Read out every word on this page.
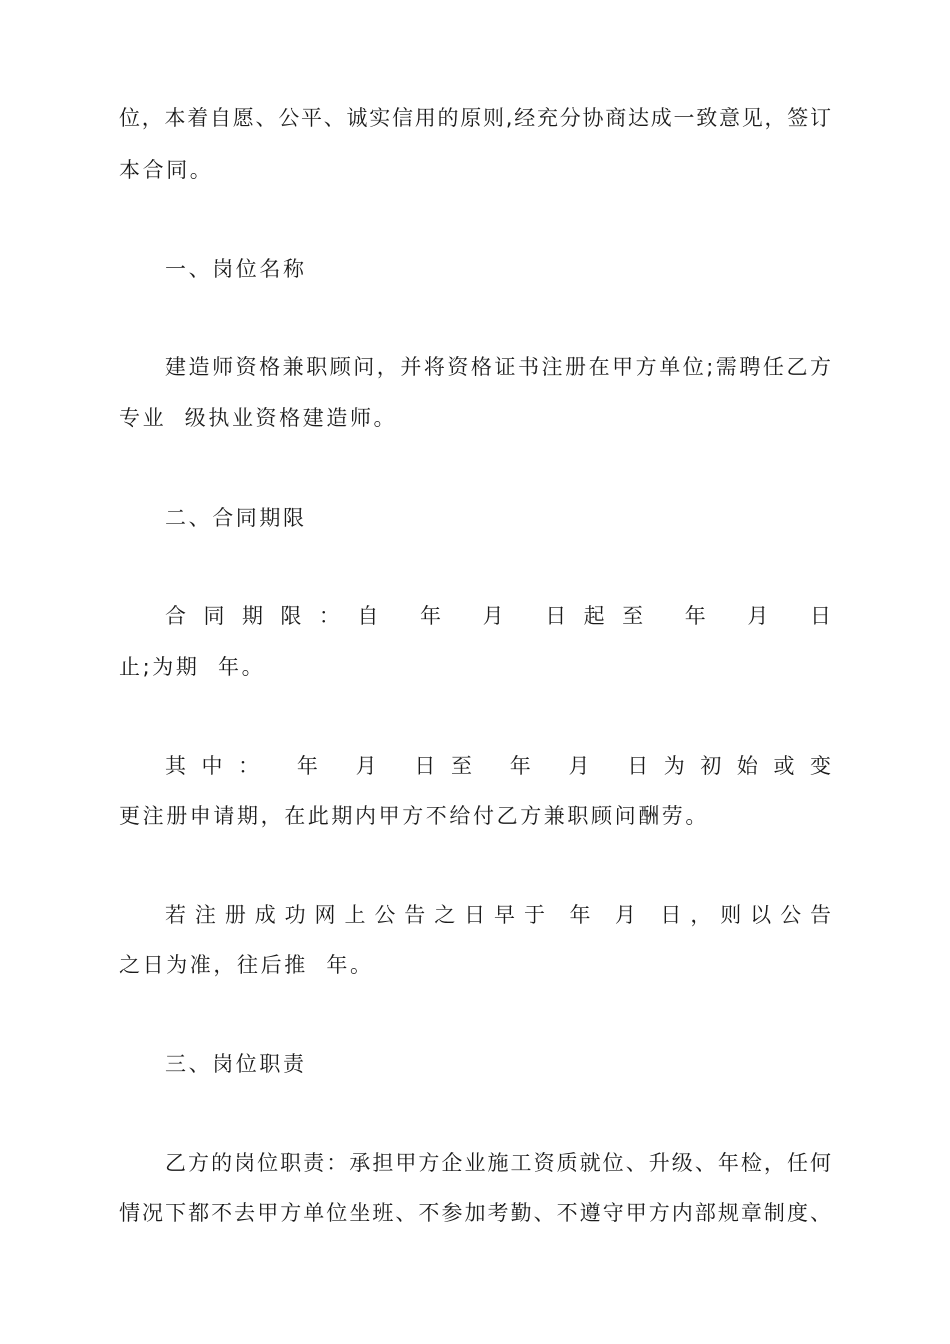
位，本着自愿、公平、诚实信用的原则,经充分协商达成一致意见，签订
本合同。
一、岗位名称
建造师资格兼职顾问，并将资格证书注册在甲方单位;需聘任乙方
专业  级执业资格建造师。
二、合同期限
合同期限：自 年 月 日起至 年 月 日
止;为期  年。
其中： 年 月 日至 年 月 日为初始或变
更注册申请期，在此期内甲方不给付乙方兼职顾问酬劳。
若注册成功网上公告之日早于 年 月 日，则以公告
之日为准，往后推  年。
三、岗位职责
乙方的岗位职责：承担甲方企业施工资质就位、升级、年检，任何
情况下都不去甲方单位坐班、不参加考勤、不遵守甲方内部规章制度、
